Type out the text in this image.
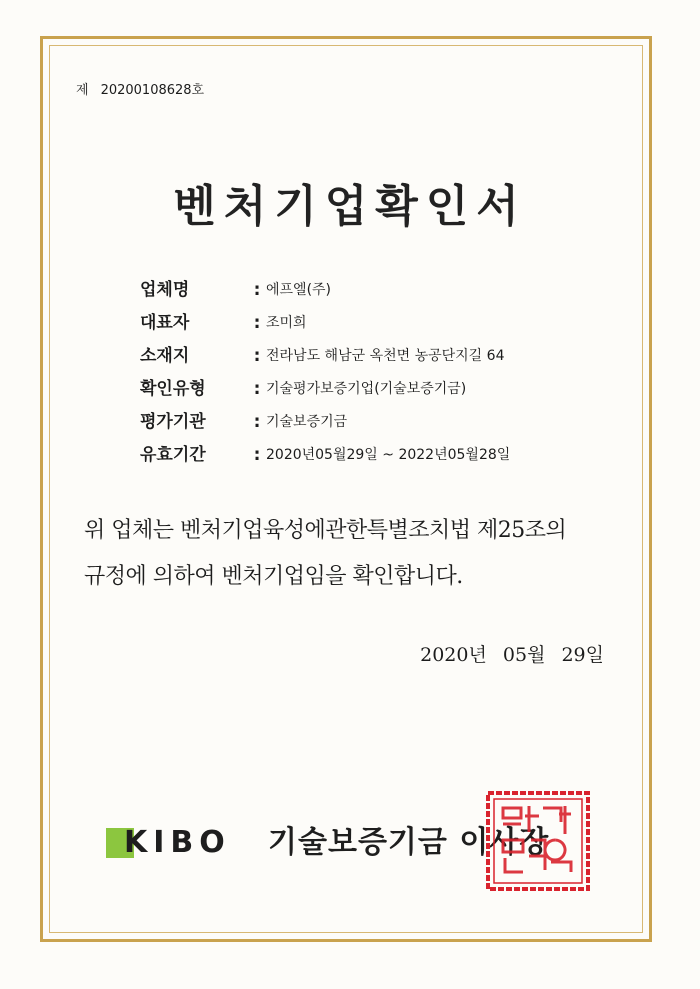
제 20200108628호
벤처기업확인서
업체명	: 에프엘(주)
대표자	: 조미희
소재지	: 전라남도 해남군 옥천면 농공단지길 64
확인유형	: 기술평가보증기업(기술보증기금)
평가기관	: 기술보증기금
유효기간	: 2020년05월29일 ~ 2022년05월28일
위 업체는 벤처기업육성에관한특별조치법 제25조의
규정에 의하여 벤처기업임을 확인합니다.
2020년 05월 29일
KIBO 기술보증기금 이사장
